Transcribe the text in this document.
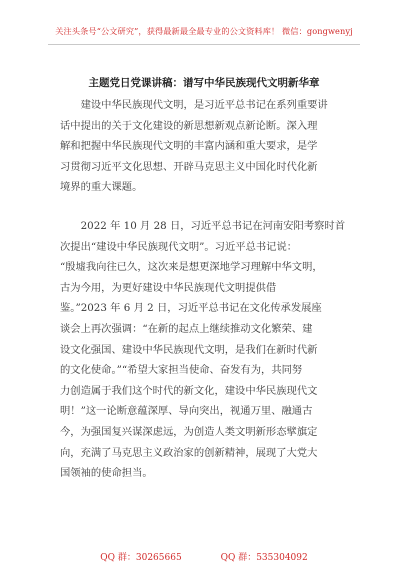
关注头条号“公文研究”，获得最新最全最专业的公文资料库！ 微信：gongwenyj
主题党日党课讲稿：谱写中华民族现代文明新华章
　　建设中华民族现代文明，是习近平总书记在系列重要讲
话中提出的关于文化建设的新思想新观点新论断。深入理
解和把握中华民族现代文明的丰富内涵和重大要求，是学
习贯彻习近平文化思想、开辟马克思主义中国化时代化新
境界的重大课题。
　　2022 年 10 月 28 日，习近平总书记在河南安阳考察时首
次提出“建设中华民族现代文明”。习近平总书记说：
“殷墟我向往已久，这次来是想更深地学习理解中华文明，
古为今用，为更好建设中华民族现代文明提供借
鉴。”2023 年 6 月 2 日，习近平总书记在文化传承发展座
谈会上再次强调：“在新的起点上继续推动文化繁荣、建
设文化强国、建设中华民族现代文明，是我们在新时代新
的文化使命。”“希望大家担当使命、奋发有为，共同努
力创造属于我们这个时代的新文化，建设中华民族现代文
明！”这一论断意蕴深厚、导向突出，视通万里、融通古
今，为强国复兴谋深虑远，为创造人类文明新形态擘旗定
向，充满了马克思主义政治家的创新精神，展现了大党大
国领袖的使命担当。
QQ 群：30265665	QQ 群：535304092
